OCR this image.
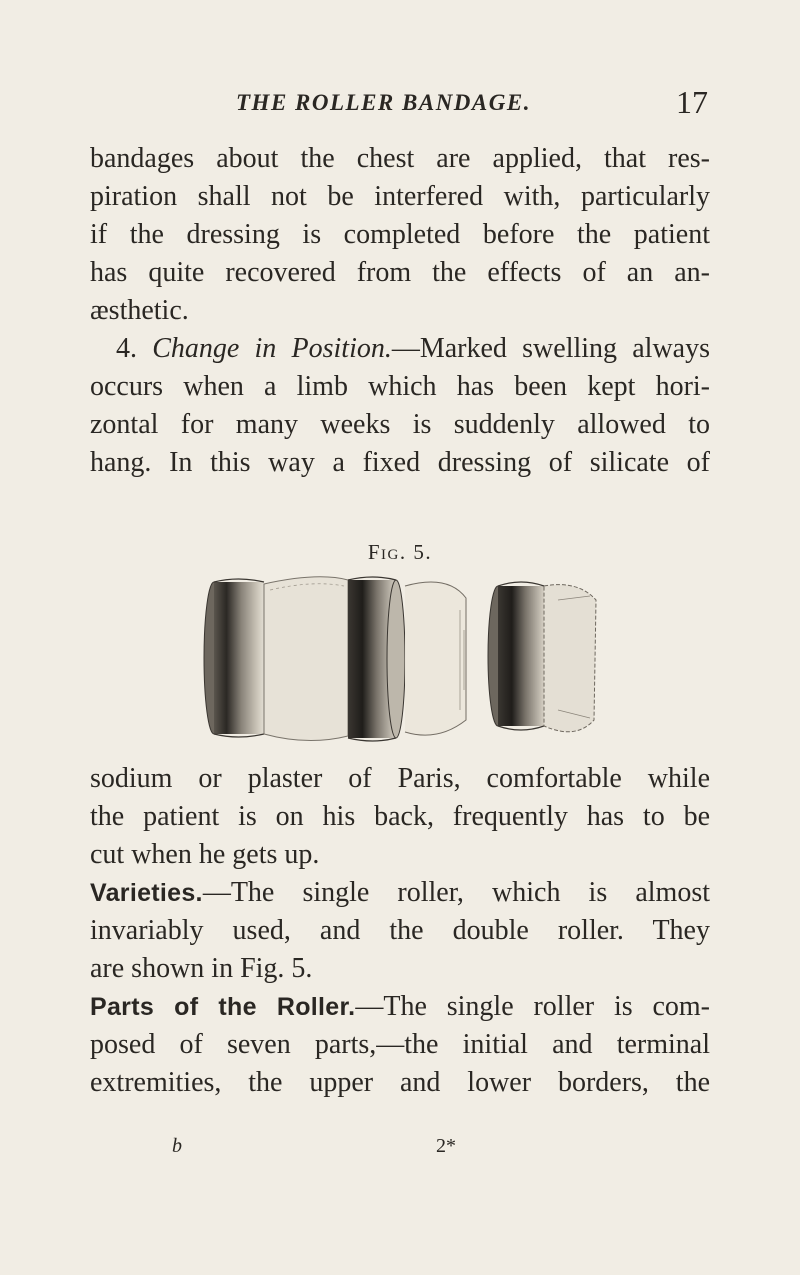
THE ROLLER BANDAGE.	17
bandages about the chest are applied, that res-
piration shall not be interfered with, particularly
if the dressing is completed before the patient
has quite recovered from the effects of an an-
æsthetic.
4. Change in Position.—Marked swelling always
occurs when a limb which has been kept hori-
zontal for many weeks is suddenly allowed to
hang. In this way a fixed dressing of silicate of
Fig. 5.
sodium or plaster of Paris, comfortable while
the patient is on his back, frequently has to be
cut when he gets up.
Varieties.—The single roller, which is almost
invariably used, and the double roller. They
are shown in Fig. 5.
Parts of the Roller.—The single roller is com-
posed of seven parts,—the initial and terminal
extremities, the upper and lower borders, the
b	2*
